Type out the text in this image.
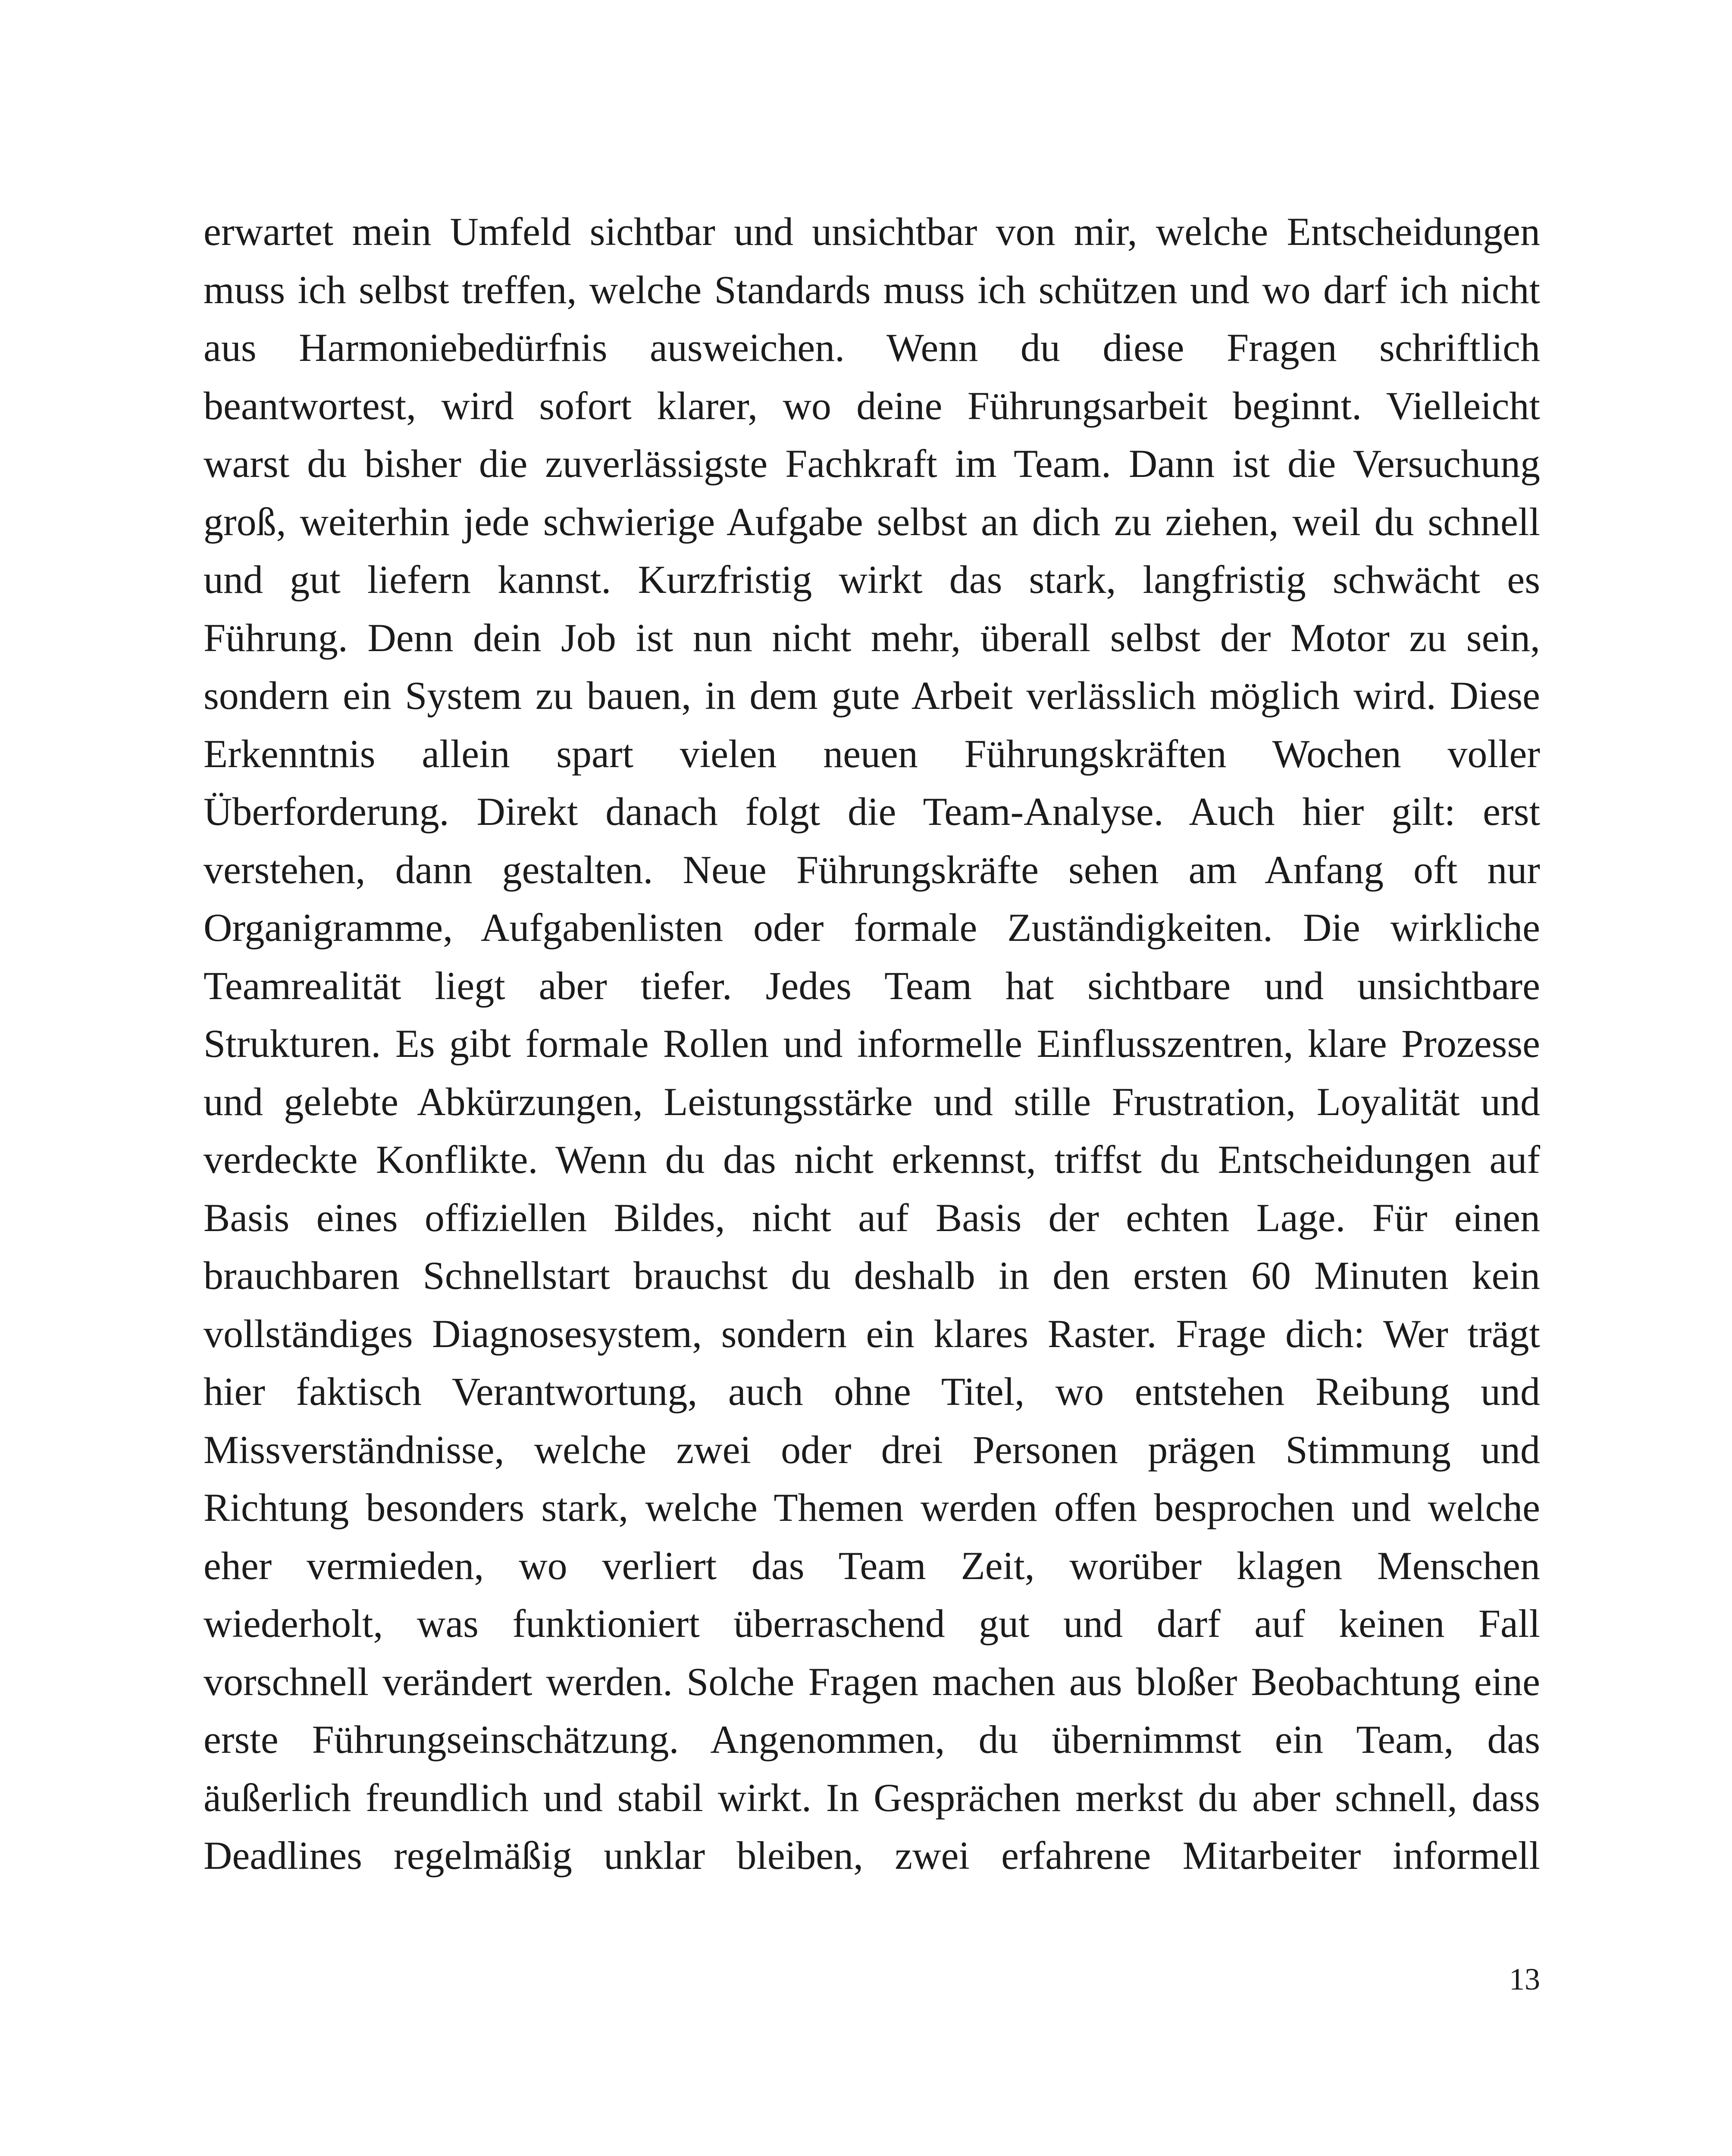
erwartet mein Umfeld sichtbar und unsichtbar von mir, welche Entscheidungen
muss ich selbst treffen, welche Standards muss ich schützen und wo darf ich nicht
aus Harmoniebedürfnis ausweichen. Wenn du diese Fragen schriftlich
beantwortest, wird sofort klarer, wo deine Führungsarbeit beginnt. Vielleicht
warst du bisher die zuverlässigste Fachkraft im Team. Dann ist die Versuchung
groß, weiterhin jede schwierige Aufgabe selbst an dich zu ziehen, weil du schnell
und gut liefern kannst. Kurzfristig wirkt das stark, langfristig schwächt es
Führung. Denn dein Job ist nun nicht mehr, überall selbst der Motor zu sein,
sondern ein System zu bauen, in dem gute Arbeit verlässlich möglich wird. Diese
Erkenntnis allein spart vielen neuen Führungskräften Wochen voller
Überforderung. Direkt danach folgt die Team-Analyse. Auch hier gilt: erst
verstehen, dann gestalten. Neue Führungskräfte sehen am Anfang oft nur
Organigramme, Aufgabenlisten oder formale Zuständigkeiten. Die wirkliche
Teamrealität liegt aber tiefer. Jedes Team hat sichtbare und unsichtbare
Strukturen. Es gibt formale Rollen und informelle Einflusszentren, klare Prozesse
und gelebte Abkürzungen, Leistungsstärke und stille Frustration, Loyalität und
verdeckte Konflikte. Wenn du das nicht erkennst, triffst du Entscheidungen auf
Basis eines offiziellen Bildes, nicht auf Basis der echten Lage. Für einen
brauchbaren Schnellstart brauchst du deshalb in den ersten 60 Minuten kein
vollständiges Diagnosesystem, sondern ein klares Raster. Frage dich: Wer trägt
hier faktisch Verantwortung, auch ohne Titel, wo entstehen Reibung und
Missverständnisse, welche zwei oder drei Personen prägen Stimmung und
Richtung besonders stark, welche Themen werden offen besprochen und welche
eher vermieden, wo verliert das Team Zeit, worüber klagen Menschen
wiederholt, was funktioniert überraschend gut und darf auf keinen Fall
vorschnell verändert werden. Solche Fragen machen aus bloßer Beobachtung eine
erste Führungseinschätzung. Angenommen, du übernimmst ein Team, das
äußerlich freundlich und stabil wirkt. In Gesprächen merkst du aber schnell, dass
Deadlines regelmäßig unklar bleiben, zwei erfahrene Mitarbeiter informell

13
